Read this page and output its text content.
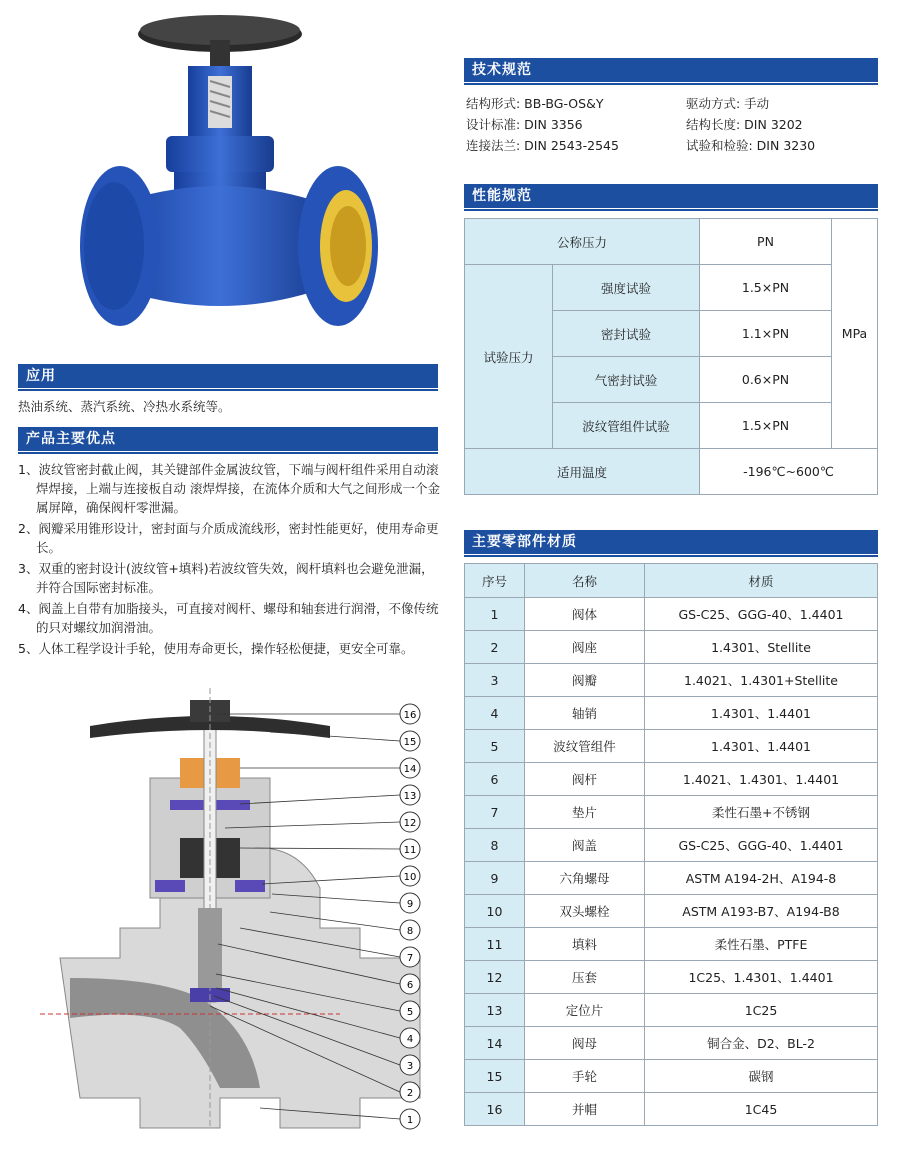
应用
热油系统、蒸汽系统、冷热水系统等。
产品主要优点
1、波纹管密封截止阀，其关键部件金属波纹管，下端与阀杆组件采用自动滚焊焊接，上端与连接板自动 滚焊焊接，在流体介质和大气之间形成一个金属屏障，确保阀杆零泄漏。
2、阀瓣采用锥形设计，密封面与介质成流线形，密封性能更好，使用寿命更长。
3、双重的密封设计(波纹管+填料)若波纹管失效，阀杆填料也会避免泄漏，并符合国际密封标准。
4、阀盖上自带有加脂接头，可直接对阀杆、螺母和轴套进行润滑，不像传统的只对螺纹加润滑油。
5、人体工程学设计手轮，使用寿命更长，操作轻松便捷，更安全可靠。
16
15
14
13
12
11
10
9
8
7
6
5
4
3
2
1
技术规范
结构形式: BB-BG-OS&Y	驱动方式: 手动
设计标准: DIN 3356	结构长度: DIN 3202
连接法兰: DIN 2543-2545	试验和检验: DIN 3230
性能规范
公称压力		PN	MPa
试验压力	强度试验	1.5×PN	
	密封试验	1.1×PN	
	气密封试验	0.6×PN	
	波纹管组件试验	1.5×PN	
适用温度		-196℃~600℃	
主要零部件材质
序号	名称	材质
1	阀体	GS-C25、GGG-40、1.4401
2	阀座	1.4301、Stellite
3	阀瓣	1.4021、1.4301+Stellite
4	轴销	1.4301、1.4401
5	波纹管组件	1.4301、1.4401
6	阀杆	1.4021、1.4301、1.4401
7	垫片	柔性石墨+不锈钢
8	阀盖	GS-C25、GGG-40、1.4401
9	六角螺母	ASTM A194-2H、A194-8
10	双头螺栓	ASTM A193-B7、A194-B8
11	填料	柔性石墨、PTFE
12	压套	1C25、1.4301、1.4401
13	定位片	1C25
14	阀母	铜合金、D2、BL-2
15	手轮	碳钢
16	并帽	1C45
